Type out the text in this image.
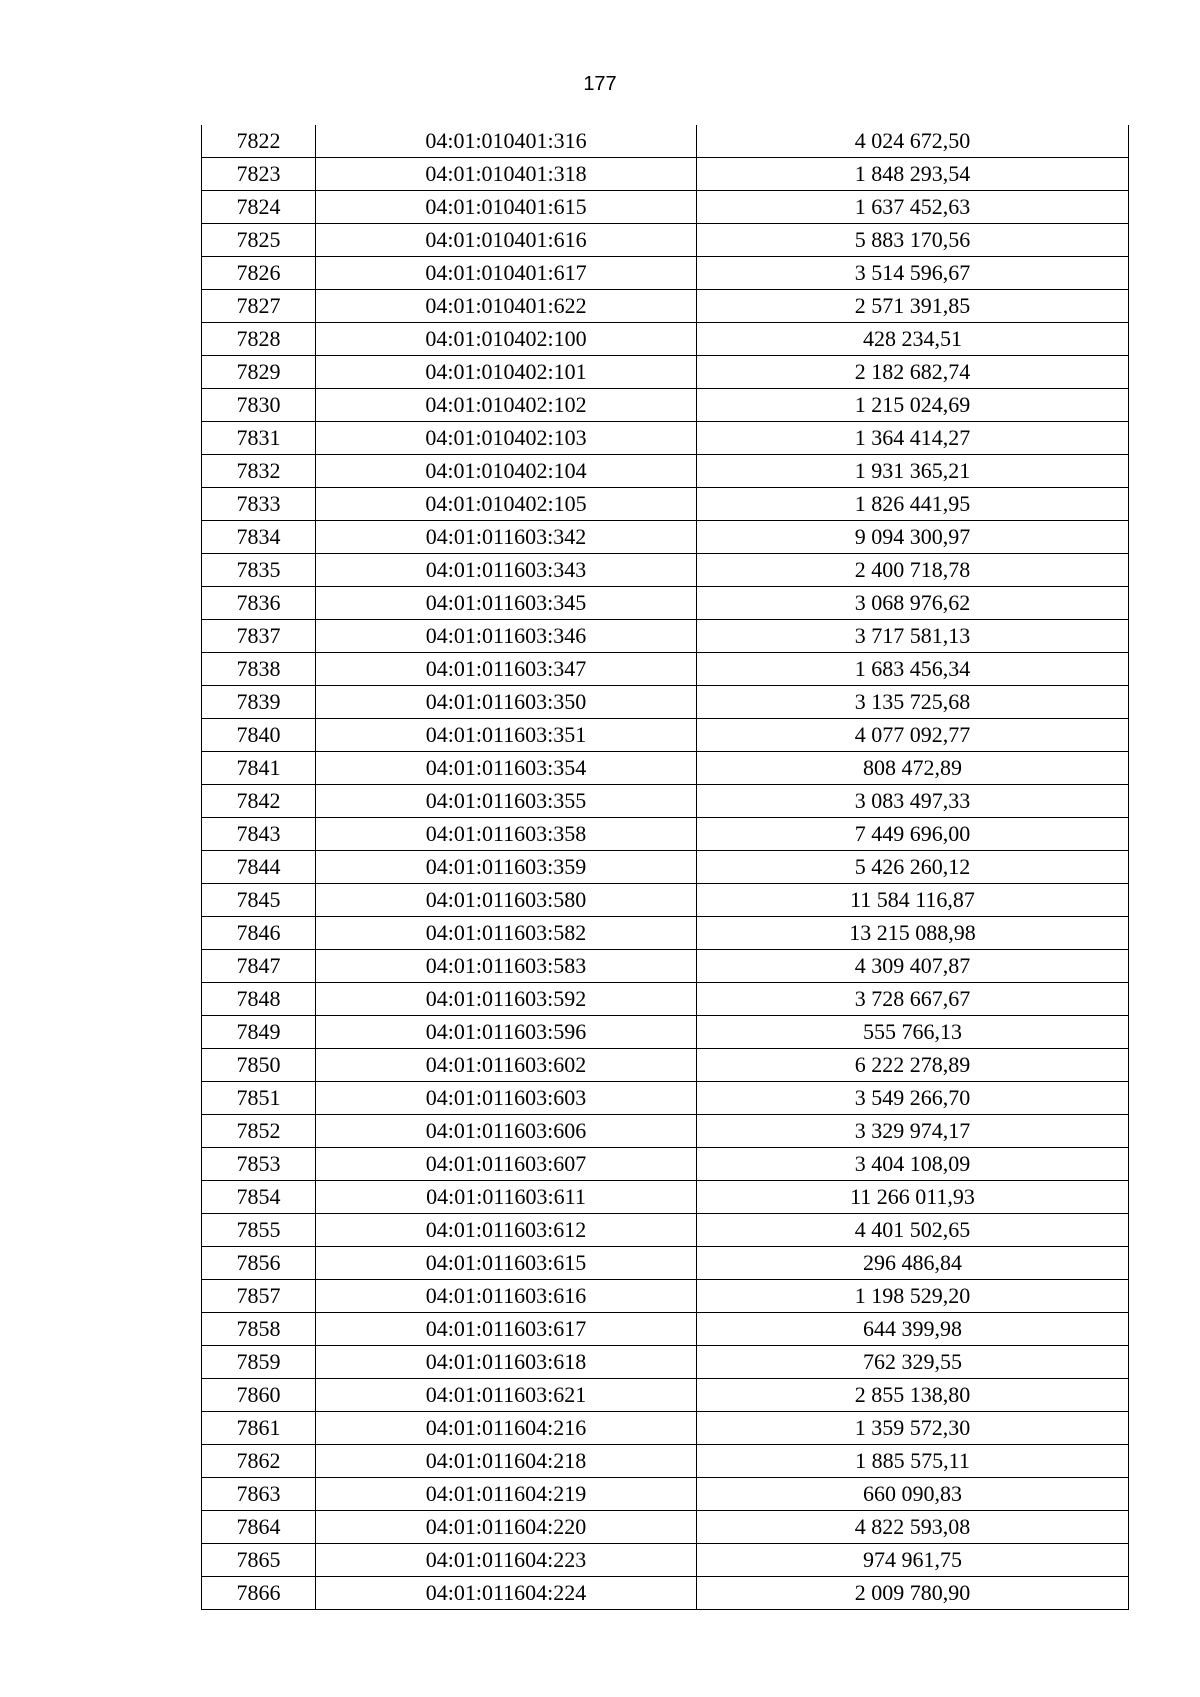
177
7822	04:01:010401:316	4 024 672,50
7823	04:01:010401:318	1 848 293,54
7824	04:01:010401:615	1 637 452,63
7825	04:01:010401:616	5 883 170,56
7826	04:01:010401:617	3 514 596,67
7827	04:01:010401:622	2 571 391,85
7828	04:01:010402:100	428 234,51
7829	04:01:010402:101	2 182 682,74
7830	04:01:010402:102	1 215 024,69
7831	04:01:010402:103	1 364 414,27
7832	04:01:010402:104	1 931 365,21
7833	04:01:010402:105	1 826 441,95
7834	04:01:011603:342	9 094 300,97
7835	04:01:011603:343	2 400 718,78
7836	04:01:011603:345	3 068 976,62
7837	04:01:011603:346	3 717 581,13
7838	04:01:011603:347	1 683 456,34
7839	04:01:011603:350	3 135 725,68
7840	04:01:011603:351	4 077 092,77
7841	04:01:011603:354	808 472,89
7842	04:01:011603:355	3 083 497,33
7843	04:01:011603:358	7 449 696,00
7844	04:01:011603:359	5 426 260,12
7845	04:01:011603:580	11 584 116,87
7846	04:01:011603:582	13 215 088,98
7847	04:01:011603:583	4 309 407,87
7848	04:01:011603:592	3 728 667,67
7849	04:01:011603:596	555 766,13
7850	04:01:011603:602	6 222 278,89
7851	04:01:011603:603	3 549 266,70
7852	04:01:011603:606	3 329 974,17
7853	04:01:011603:607	3 404 108,09
7854	04:01:011603:611	11 266 011,93
7855	04:01:011603:612	4 401 502,65
7856	04:01:011603:615	296 486,84
7857	04:01:011603:616	1 198 529,20
7858	04:01:011603:617	644 399,98
7859	04:01:011603:618	762 329,55
7860	04:01:011603:621	2 855 138,80
7861	04:01:011604:216	1 359 572,30
7862	04:01:011604:218	1 885 575,11
7863	04:01:011604:219	660 090,83
7864	04:01:011604:220	4 822 593,08
7865	04:01:011604:223	974 961,75
7866	04:01:011604:224	2 009 780,90
